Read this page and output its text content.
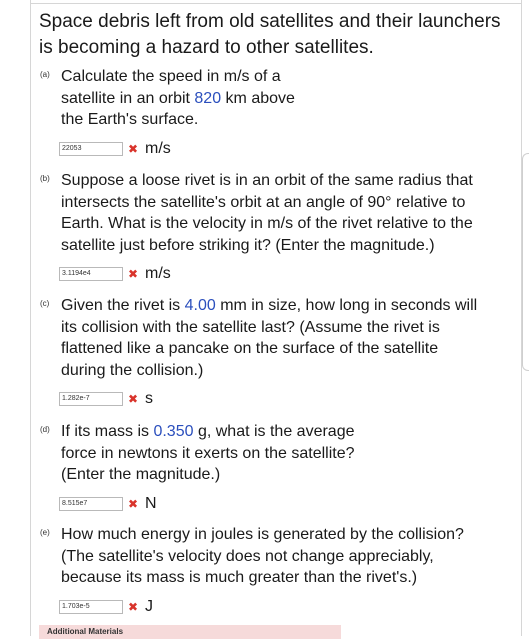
Space debris left from old satellites and their launchers is becoming a hazard to other satellites.
(a) Calculate the speed in m/s of a
satellite in an orbit 820 km above
the Earth's surface.
22053	✖ m/s
(b) Suppose a loose rivet is in an orbit of the same radius that
intersects the satellite's orbit at an angle of 90° relative to
Earth. What is the velocity in m/s of the rivet relative to the
satellite just before striking it? (Enter the magnitude.)
3.1194e4	✖ m/s
(c) Given the rivet is 4.00 mm in size, how long in seconds will
its collision with the satellite last? (Assume the rivet is
flattened like a pancake on the surface of the satellite
during the collision.)
1.282e-7	✖ s
(d) If its mass is 0.350 g, what is the average
force in newtons it exerts on the satellite?
(Enter the magnitude.)
8.515e7	✖ N
(e) How much energy in joules is generated by the collision?
(The satellite's velocity does not change appreciably,
because its mass is much greater than the rivet's.)
1.703e-5	✖ J
Additional Materials
